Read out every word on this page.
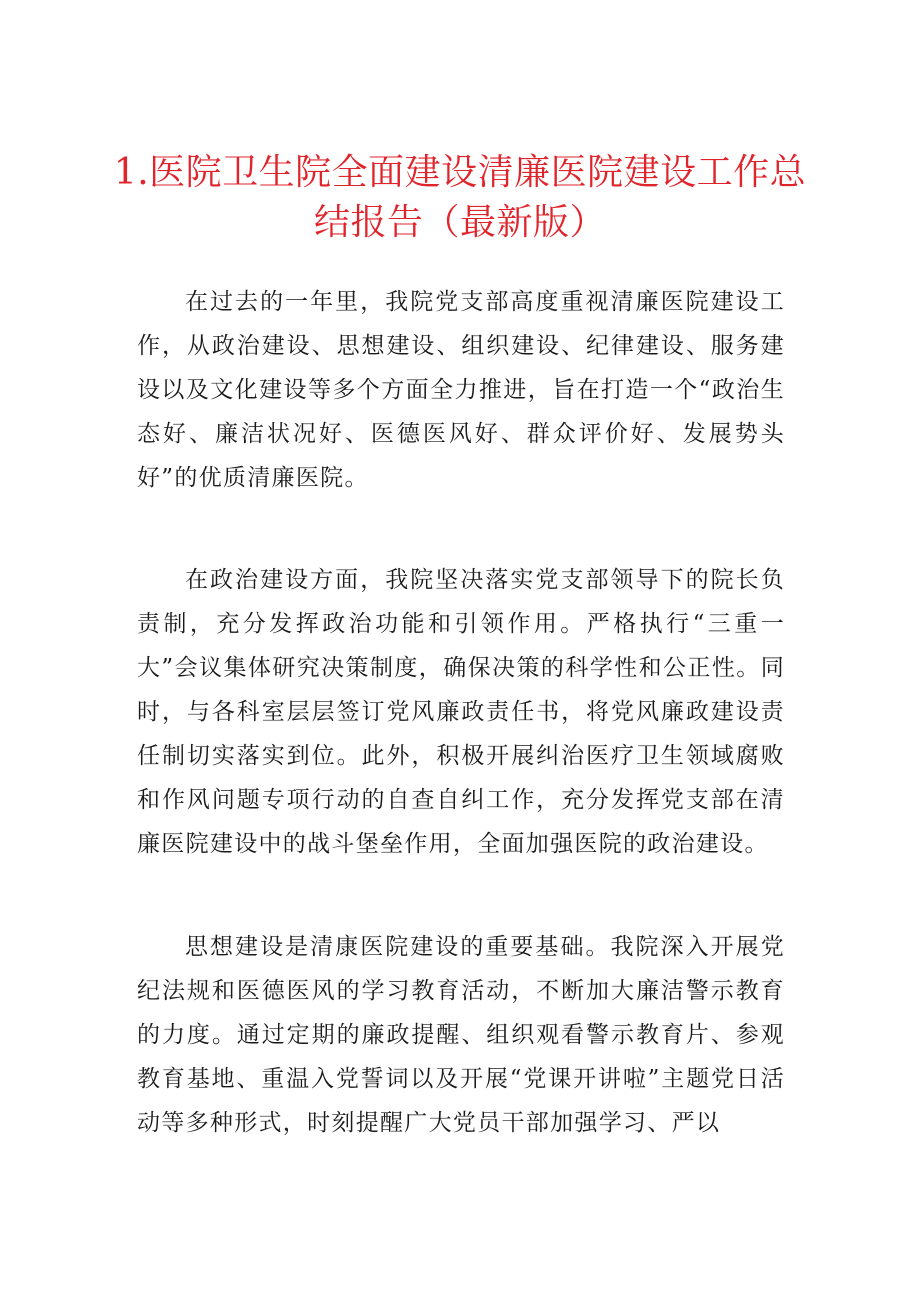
1.医院卫生院全面建设清廉医院建设工作总结报告（最新版）

在过去的一年里，我院党支部高度重视清廉医院建设工作，从政治建设、思想建设、组织建设、纪律建设、服务建设以及文化建设等多个方面全力推进，旨在打造一个“政治生态好、廉洁状况好、医德医风好、群众评价好、发展势头好”的优质清廉医院。

在政治建设方面，我院坚决落实党支部领导下的院长负责制，充分发挥政治功能和引领作用。严格执行“三重一大”会议集体研究决策制度，确保决策的科学性和公正性。同时，与各科室层层签订党风廉政责任书，将党风廉政建设责任制切实落实到位。此外，积极开展纠治医疗卫生领域腐败和作风问题专项行动的自查自纠工作，充分发挥党支部在清廉医院建设中的战斗堡垒作用，全面加强医院的政治建设。

思想建设是清康医院建设的重要基础。我院深入开展党纪法规和医德医风的学习教育活动，不断加大廉洁警示教育的力度。通过定期的廉政提醒、组织观看警示教育片、参观教育基地、重温入党誓词以及开展“党课开讲啦”主题党日活动等多种形式，时刻提醒广大党员干部加强学习、严以
